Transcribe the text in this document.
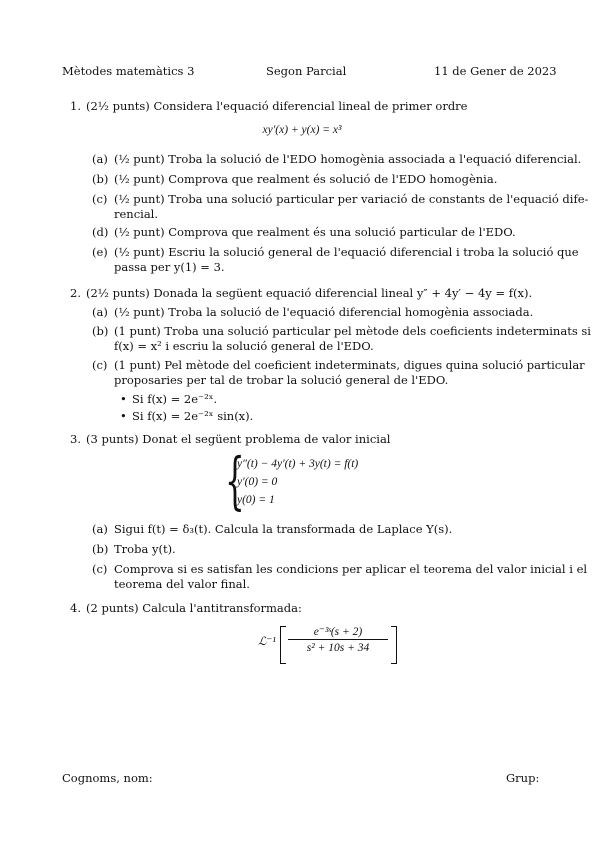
Mètodes matemàtics 3	Segon Parcial	11 de Gener de 2023
1. (2½ punts) Considera l'equació diferencial lineal de primer ordre
xy′(x) + y(x) = x³
(a) (½ punt) Troba la solució de l'EDO homogènia associada a l'equació diferencial.
(b) (½ punt) Comprova que realment és solució de l'EDO homogènia.
(c) (½ punt) Troba una solució particular per variació de constants de l'equació dife-
rencial.
(d) (½ punt) Comprova que realment és una solució particular de l'EDO.
(e) (½ punt) Escriu la solució general de l'equació diferencial i troba la solució que
passa per y(1) = 3.
2. (2½ punts) Donada la següent equació diferencial lineal y″ + 4y′ − 4y = f(x).
(a) (½ punt) Troba la solució de l'equació diferencial homogènia associada.
(b) (1 punt) Troba una solució particular pel mètode dels coeficients indeterminats si
f(x) = x² i escriu la solució general de l'EDO.
(c) (1 punt) Pel mètode del coeficient indeterminats, digues quina solució particular
proposaries per tal de trobar la solució general de l'EDO.
• Si f(x) = 2e⁻²ˣ.
• Si f(x) = 2e⁻²ˣ sin(x).
3. (3 punts) Donat el següent problema de valor inicial
{
y″(t) − 4y′(t) + 3y(t) = f(t)
y′(0) = 0
y(0) = 1
(a) Sigui f(t) = δ₃(t). Calcula la transformada de Laplace Y(s).
(b) Troba y(t).
(c) Comprova si es satisfan les condicions per aplicar el teorema del valor inicial i el
teorema del valor final.
4. (2 punts) Calcula l'antitransformada:
ℒ⁻¹ $\frac{\text{e⁻³ˢ(s + 2)}}{\text{s² + 10s + 34}}$
Cognoms, nom:	Grup:
